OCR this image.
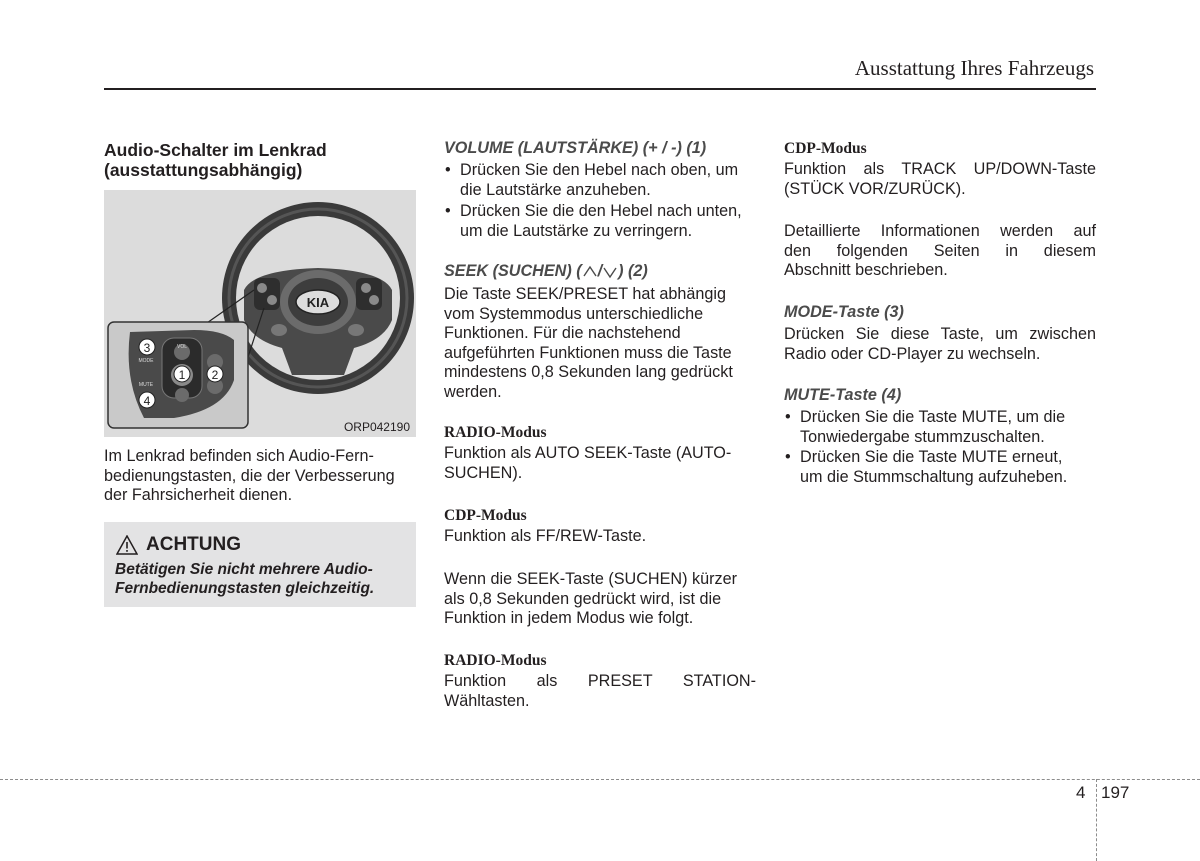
Ausstattung Ihres Fahrzeugs
Audio-Schalter im Lenkrad
(ausstattungsabhängig)
KIA
VOL
MODE
MUTE
3
1 2
4
ORP042190
Im Lenkrad befinden sich Audio-Fern-
bedienungstasten, die der Verbesserung
der Fahrsicherheit dienen.
ACHTUNG
Betätigen Sie nicht mehrere Audio-
Fernbedienungstasten gleichzeitig.
VOLUME (LAUTSTÄRKE) (+ / -) (1)
• Drücken Sie den Hebel nach oben, um
die Lautstärke anzuheben.
• Drücken Sie die den Hebel nach unten,
um die Lautstärke zu verringern.
SEEK (SUCHEN) ( / ) (2)
Die Taste SEEK/PRESET hat abhängig
vom Systemmodus unterschiedliche
Funktionen. Für die nachstehend
aufgeführten Funktionen muss die Taste
mindestens 0,8 Sekunden lang gedrückt
werden.
RADIO-Modus
Funktion als AUTO SEEK-Taste (AUTO-
SUCHEN).
CDP-Modus
Funktion als FF/REW-Taste.
Wenn die SEEK-Taste (SUCHEN) kürzer
als 0,8 Sekunden gedrückt wird, ist die
Funktion in jedem Modus wie folgt.
RADIO-Modus
Funktion als PRESET STATION-
Wähltasten.
CDP-Modus
Funktion als TRACK UP/DOWN-Taste
(STÜCK VOR/ZURÜCK).
Detaillierte Informationen werden auf
den folgenden Seiten in diesem
Abschnitt beschrieben.
MODE-Taste (3)
Drücken Sie diese Taste, um zwischen
Radio oder CD-Player zu wechseln.
MUTE-Taste (4)
• Drücken Sie die Taste MUTE, um die
Tonwiedergabe stummzuschalten.
• Drücken Sie die Taste MUTE erneut,
um die Stummschaltung aufzuheben.
4 197
